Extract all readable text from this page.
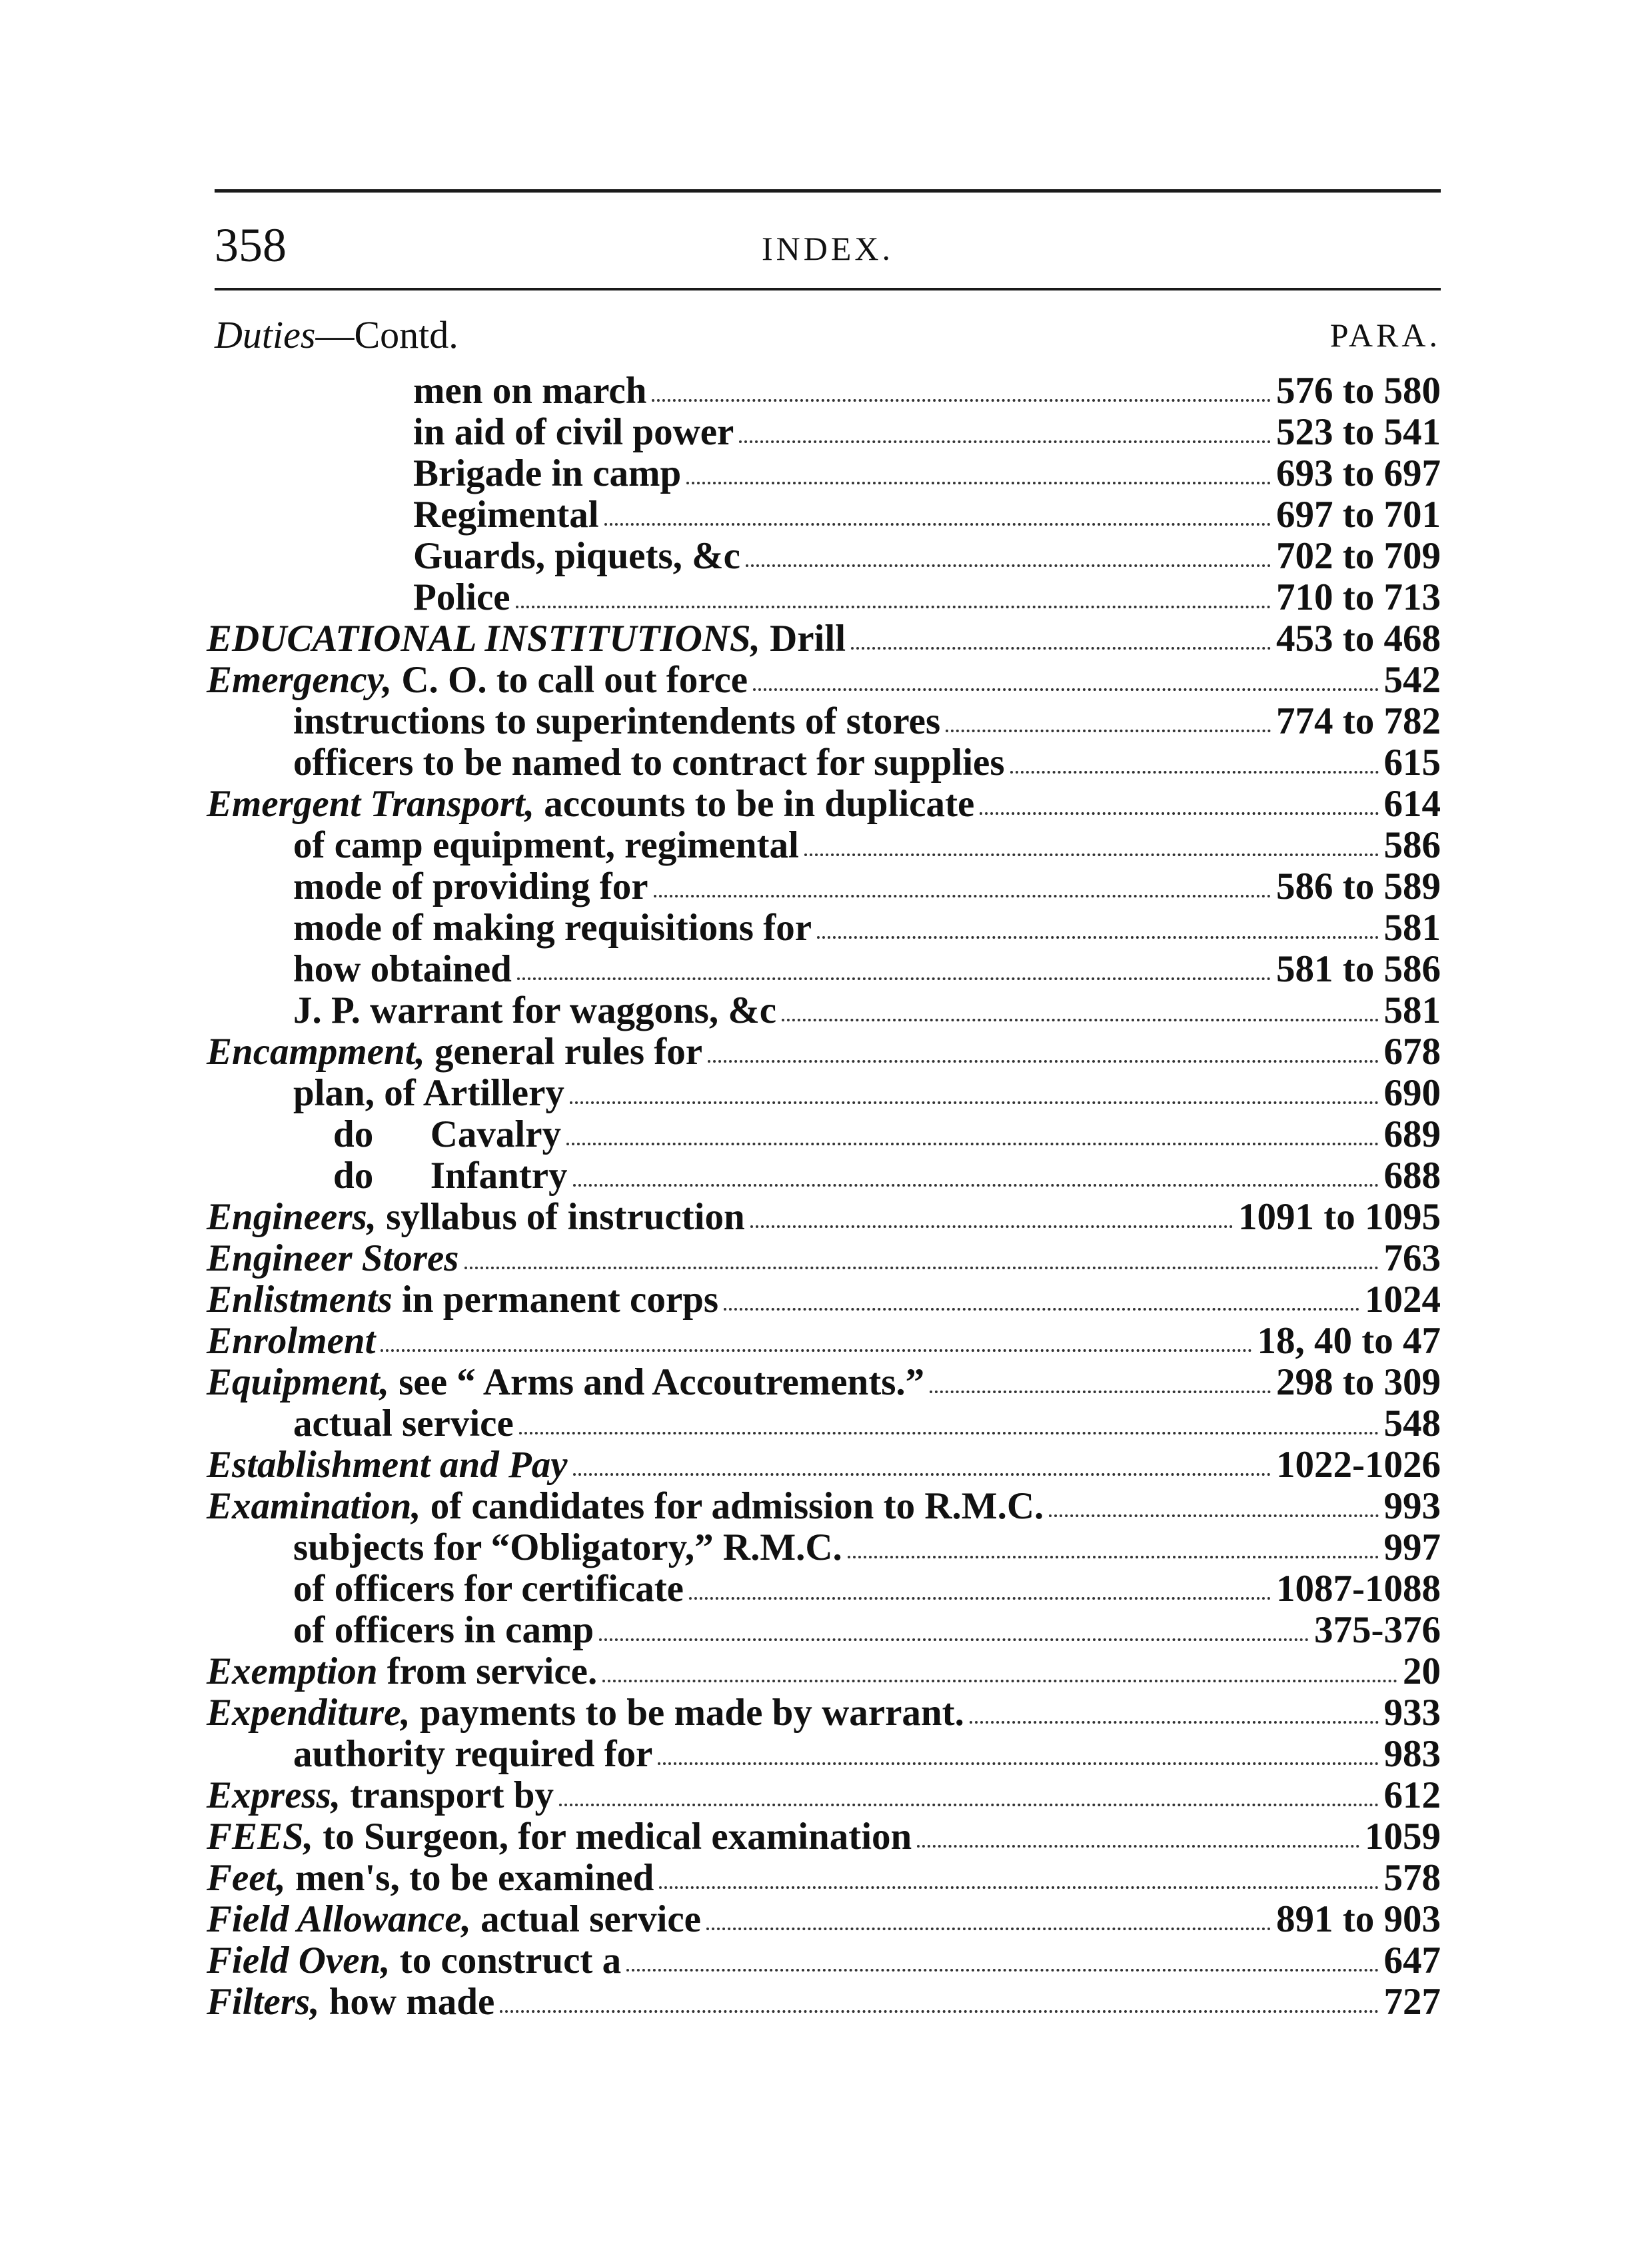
358	INDEX.
Duties—Contd.	PARA.
men on march	576 to 580
in aid of civil power	523 to 541
Brigade in camp	693 to 697
Regimental	697 to 701
Guards, piquets, &c	702 to 709
Police	710 to 713
EDUCATIONAL INSTITUTIONS, Drill	453 to 468
Emergency, C. O. to call out force	542
instructions to superintendents of stores	774 to 782
officers to be named to contract for supplies	615
Emergent Transport, accounts to be in duplicate	614
of camp equipment, regimental	586
mode of providing for	586 to 589
mode of making requisitions for	581
how obtained	581 to 586
J. P. warrant for waggons, &c	581
Encampment, general rules for	678
plan, of Artillery	690
do      Cavalry	689
do      Infantry	688
Engineers, syllabus of instruction	1091 to 1095
Engineer Stores	763
Enlistments in permanent corps	1024
Enrolment	18, 40 to 47
Equipment, see “ Arms and Accoutrements.”	298 to 309
actual service	548
Establishment and Pay	1022-1026
Examination, of candidates for admission to R.M.C.	993
subjects for “Obligatory,” R.M.C.	997
of officers for certificate	1087-1088
of officers in camp	375-376
Exemption from service.	20
Expenditure, payments to be made by warrant.	933
authority required for	983
Express, transport by	612
FEES, to Surgeon, for medical examination	1059
Feet, men's, to be examined	578
Field Allowance, actual service	891 to 903
Field Oven, to construct a	647
Filters, how made	727
